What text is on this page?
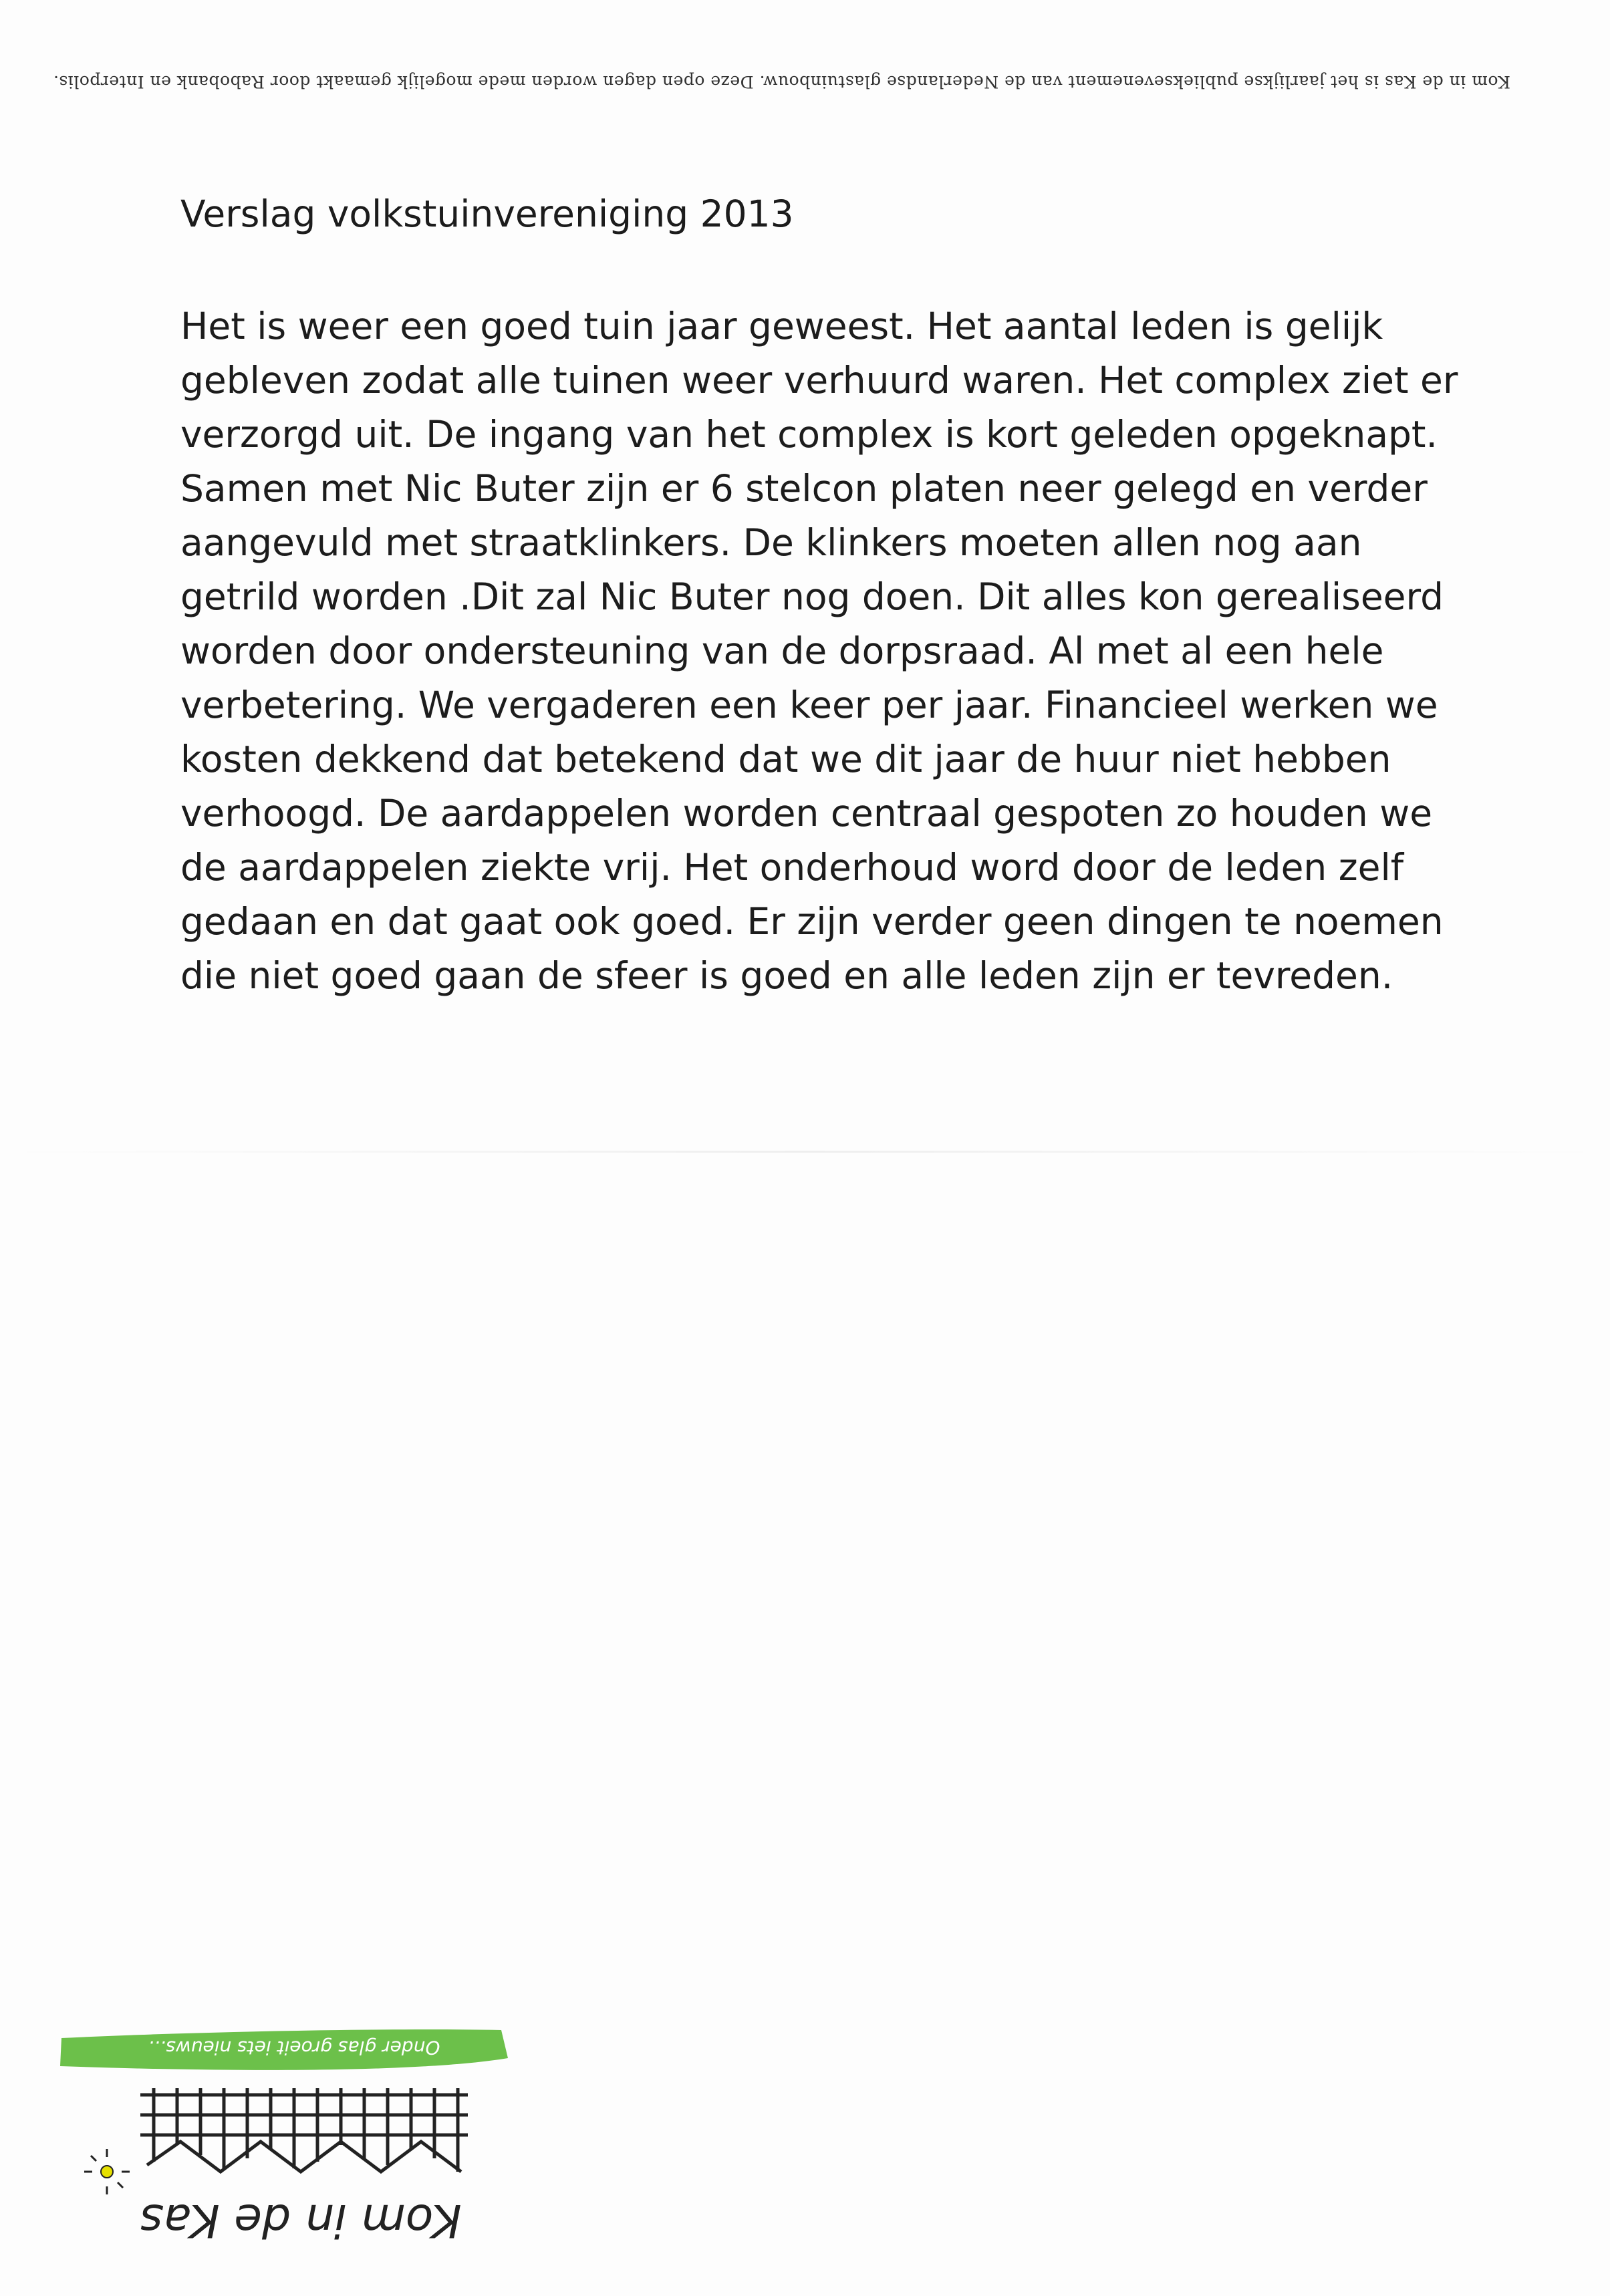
Kom in de Kas is het jaarlijkse publieksevenement van de Nederlandse glastuinbouw. Deze open dagen worden mede mogelijk gemaakt door Rabobank en Interpolis.
Verslag volkstuinvereniging 2013
Het is weer een goed tuin jaar geweest. Het aantal leden is gelijk
gebleven zodat alle tuinen weer verhuurd waren. Het complex ziet er
verzorgd uit. De ingang van het complex is kort geleden opgeknapt.
Samen met Nic Buter zijn er 6 stelcon platen neer gelegd en verder
aangevuld met straatklinkers. De klinkers moeten allen nog aan
getrild worden .Dit zal Nic Buter nog doen. Dit alles kon gerealiseerd
worden door ondersteuning van de dorpsraad. Al met al een hele
verbetering. We vergaderen een keer per jaar. Financieel werken we
kosten dekkend dat betekend dat we dit jaar de huur niet hebben
verhoogd. De aardappelen worden centraal gespoten zo houden we
de aardappelen ziekte vrij. Het onderhoud word door de leden zelf
gedaan en dat gaat ook goed. Er zijn verder geen dingen te noemen
die niet goed gaan de sfeer is goed en alle leden zijn er tevreden.
Kom in de Kas
Onder glas groeit iets nieuws...
